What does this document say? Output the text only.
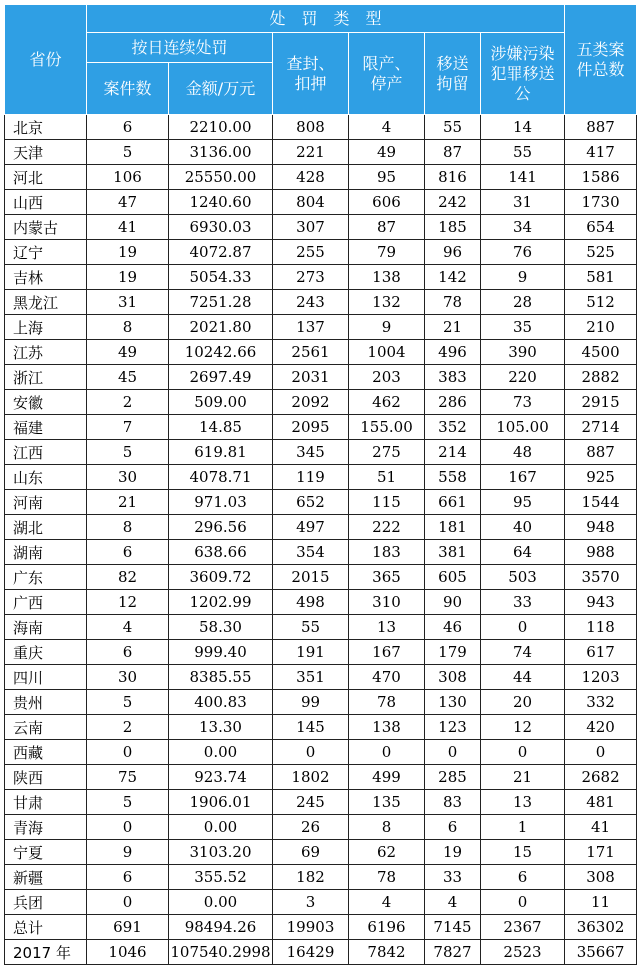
省份	处　罚　类　型						五类案件总数

	按日连续处罚		查封、扣押	限产、停产	移送拘留	涉嫌污染犯罪移送公	

	案件数	金额/万元					
北京	6	2210.00	808	4	55	14	887
天津	5	3136.00	221	49	87	55	417
河北	106	25550.00	428	95	816	141	1586
山西	47	1240.60	804	606	242	31	1730
内蒙古	41	6930.03	307	87	185	34	654
辽宁	19	4072.87	255	79	96	76	525
吉林	19	5054.33	273	138	142	9	581
黑龙江	31	7251.28	243	132	78	28	512
上海	8	2021.80	137	9	21	35	210
江苏	49	10242.66	2561	1004	496	390	4500
浙江	45	2697.49	2031	203	383	220	2882
安徽	2	509.00	2092	462	286	73	2915
福建	7	14.85	2095	155.00	352	105.00	2714
江西	5	619.81	345	275	214	48	887
山东	30	4078.71	119	51	558	167	925
河南	21	971.03	652	115	661	95	1544
湖北	8	296.56	497	222	181	40	948
湖南	6	638.66	354	183	381	64	988
广东	82	3609.72	2015	365	605	503	3570
广西	12	1202.99	498	310	90	33	943
海南	4	58.30	55	13	46	0	118
重庆	6	999.40	191	167	179	74	617
四川	30	8385.55	351	470	308	44	1203
贵州	5	400.83	99	78	130	20	332
云南	2	13.30	145	138	123	12	420
西藏	0	0.00	0	0	0	0	0
陕西	75	923.74	1802	499	285	21	2682
甘肃	5	1906.01	245	135	83	13	481
青海	0	0.00	26	8	6	1	41
宁夏	9	3103.20	69	62	19	15	171
新疆	6	355.52	182	78	33	6	308
兵团	0	0.00	3	4	4	0	11
总计	691	98494.26	19903	6196	7145	2367	36302
2017 年	1046	107540.2998	16429	7842	7827	2523	35667
